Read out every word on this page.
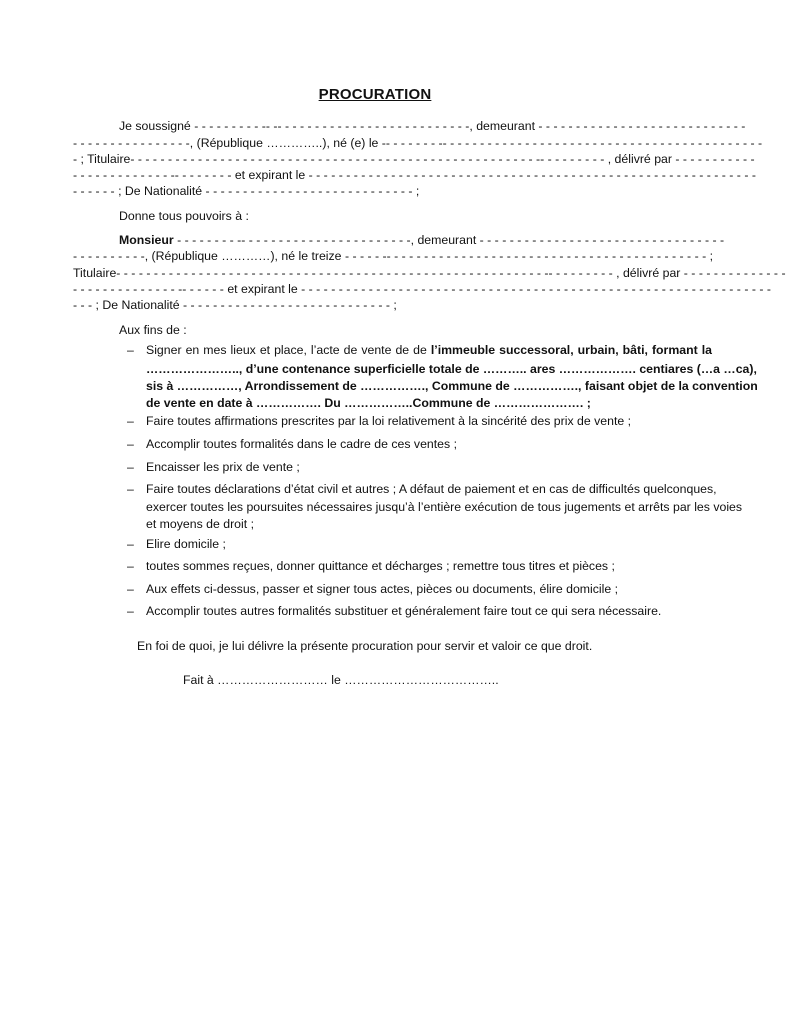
PROCURATION
Je soussigné - - - - - - - - - -- -- - - - - - - - - - - - - - - - - - - - - - - - - -, demeurant - - - - - - - - - - - - - - - - - - - - - - - - - - - -
- - - - - - - - - - - - - - - -, (République …………..), né (e) le -- - - - - - - -- - - - - - - - - - - - - - - - - - - - - - - - - - - - - - - - - - - - - - - - - - -
- ; Titulaire- - - - - - - - - - - - - - - - - - - - - - - - - - - - - - - - - - - - - - - - - - - - - - - - - - - - - - -- - - - - - - - - , délivré par - - - - - - - - - - -
- - - - - - - - - - - - - -- - - - - - - - et expirant le - - - - - - - - - - - - - - - - - - - - - - - - - - - - - - - - - - - - - - - - - - - - - - - - - - - - - - - - - - - -
- - - - - - ; De Nationalité - - - - - - - - - - - - - - - - - - - - - - - - - - - - ;
Donne tous pouvoirs à :
Monsieur - - - - - - - - -- - - - - - - - - - - - - - - - - - - - - - -, demeurant - - - - - - - - - - - - - - - - - - - - - - - - - - - - - - - - -
- - - - - - - - - -, (République …………), né le treize - - - - - -- - - - - - - - - - - - - - - - - - - - - - - - - - - - - - - - - - - - - - - - - - - ;
Titulaire- - - - - - - - - - - - - - - - - - - - - - - - - - - - - - - - - - - - - - - - - - - - - - - - - - - - - - - - - -- - - - - - - - - , délivré par - - - - - - - - - - - - - -
- - - - - - - - - - - - - - -- - - - - - et expirant le - - - - - - - - - - - - - - - - - - - - - - - - - - - - - - - - - - - - - - - - - - - - - - - - - - - - - - - - - - - - - - -
- - - ; De Nationalité - - - - - - - - - - - - - - - - - - - - - - - - - - - - ;
Aux fins de :
– Signer en mes lieux et place, l’acte de vente de de l’immeuble successoral, urbain, bâti, formant la
………………….., d’une contenance superficielle totale de ……….. ares ………………. centiares (…a …ca),
sis à ……………, Arrondissement de ……………., Commune de ……………., faisant objet de la convention
de vente en date à ……………. Du ……………..Commune de …………………. ;
– Faire toutes affirmations prescrites par la loi relativement à la sincérité des prix de vente ;
– Accomplir toutes formalités dans le cadre de ces ventes ;
– Encaisser les prix de vente ;
– Faire toutes déclarations d’état civil et autres ; A défaut de paiement et en cas de difficultés quelconques,
exercer toutes les poursuites nécessaires jusqu’à l’entière exécution de tous jugements et arrêts par les voies
et moyens de droit ;
– Elire domicile ;
– toutes sommes reçues, donner quittance et décharges ; remettre tous titres et pièces ;
– Aux effets ci-dessus, passer et signer tous actes, pièces ou documents, élire domicile ;
– Accomplir toutes autres formalités substituer et généralement faire tout ce qui sera nécessaire.
En foi de quoi, je lui délivre la présente procuration pour servir et valoir ce que droit.
Fait à ……………………… le ………………………………..
